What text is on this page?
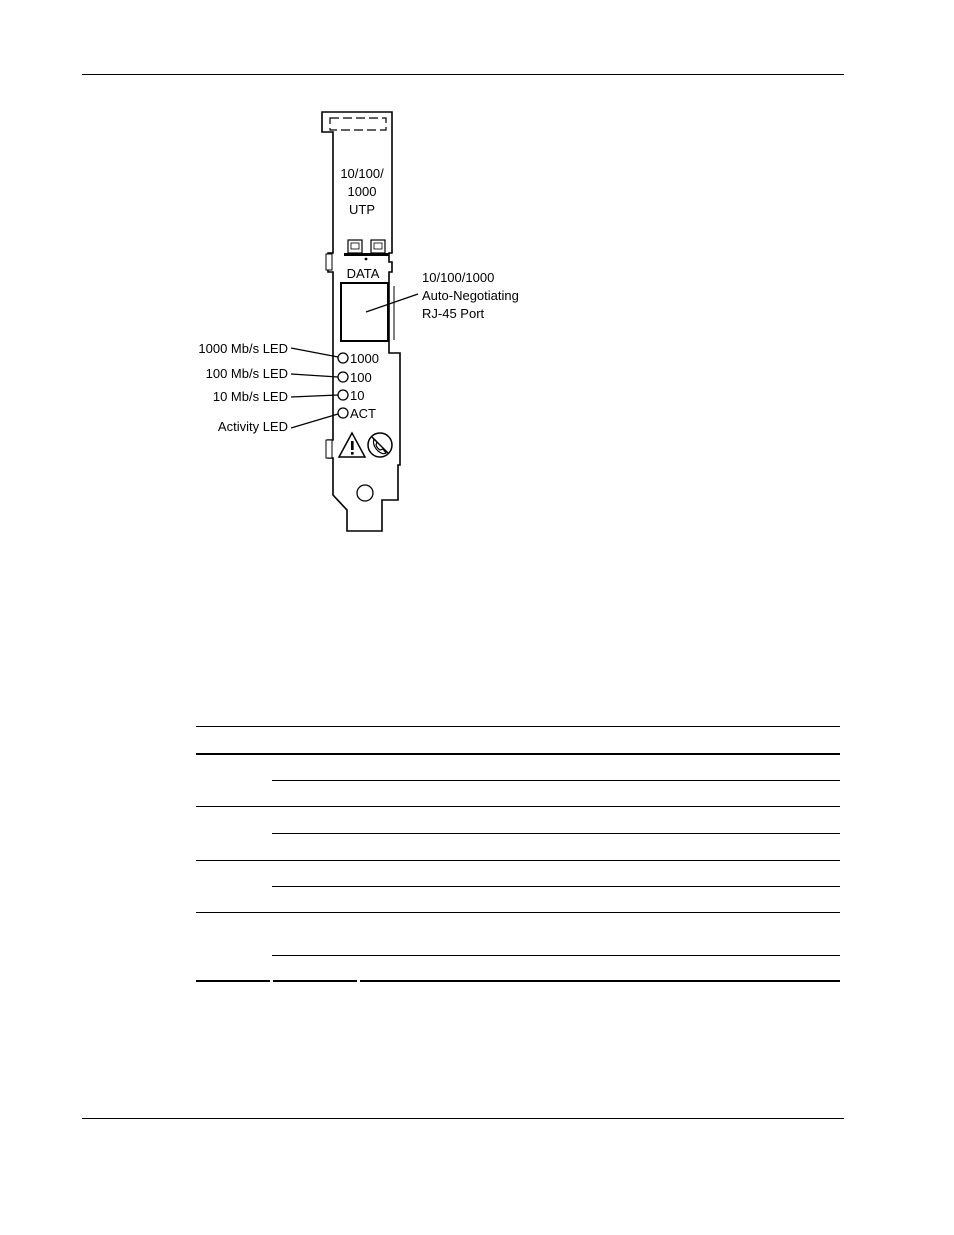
10/100/
1000
UTP
DATA	10/100/1000
Auto-Negotiating
RJ-45 Port
1000
100
10
ACT
1000 Mb/s LED
100 Mb/s LED
10 Mb/s LED
Activity LED
